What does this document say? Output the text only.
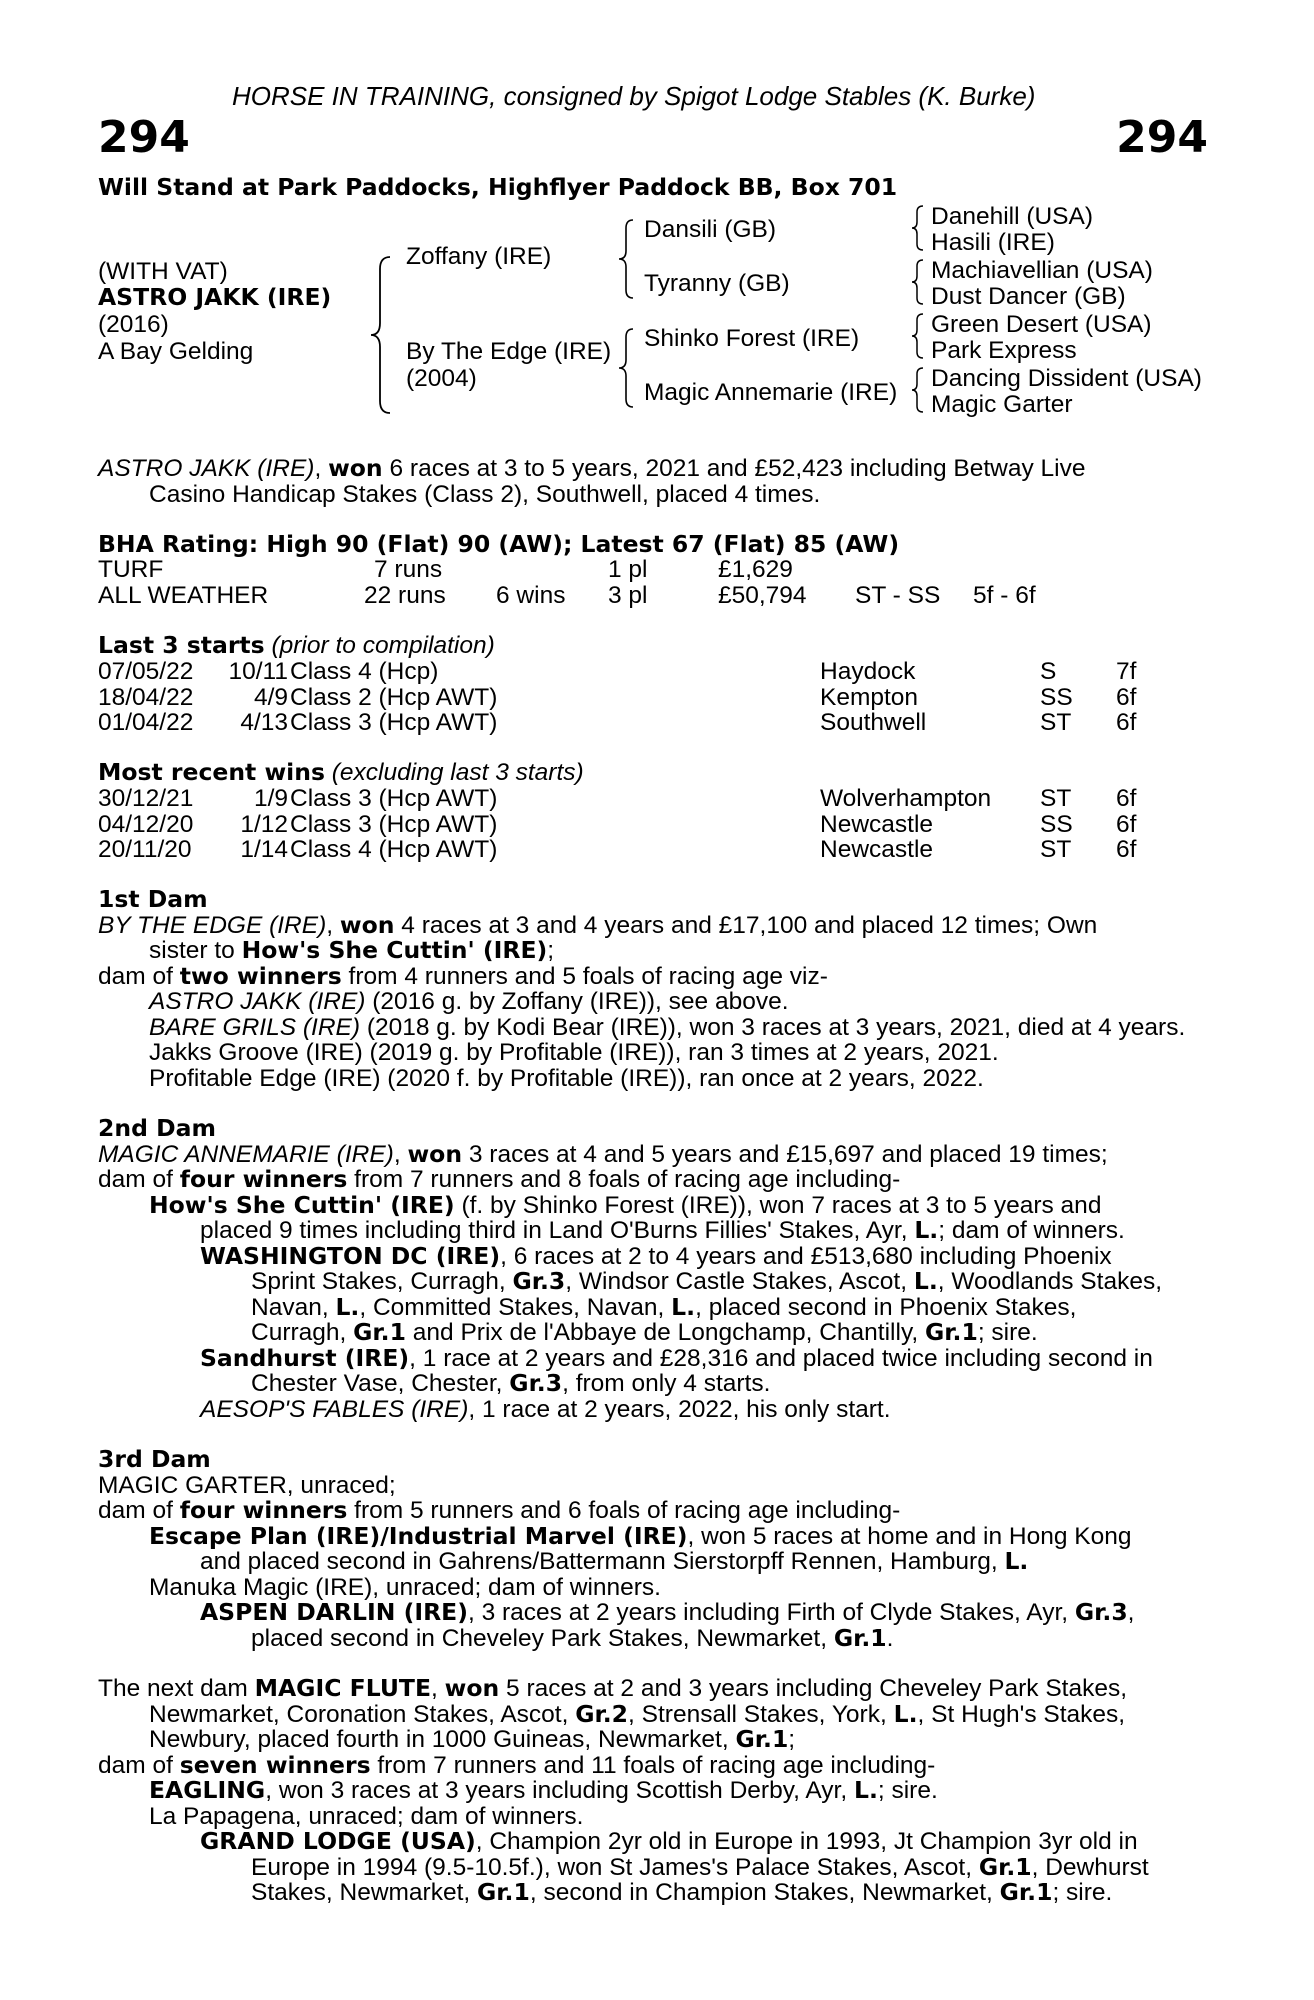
HORSE IN TRAINING, consigned by Spigot Lodge Stables (K. Burke)
294	294
Will Stand at Park Paddocks, Highflyer Paddock BB, Box 701
(WITH VAT)
ASTRO JAKK (IRE)
(2016)
A Bay Gelding
Zoffany (IRE)
By The Edge (IRE)
(2004)
Dansili (GB)
Tyranny (GB)
Shinko Forest (IRE)
Magic Annemarie (IRE)
Danehill (USA)
Hasili (IRE)
Machiavellian (USA)
Dust Dancer (GB)
Green Desert (USA)
Park Express
Dancing Dissident (USA)
Magic Garter
ASTRO JAKK (IRE), won 6 races at 3 to 5 years, 2021 and £52,423 including Betway Live
Casino Handicap Stakes (Class 2), Southwell, placed 4 times.
BHA Rating: High 90 (Flat) 90 (AW); Latest 67 (Flat) 85 (AW)
TURF	7 runs	1 pl	£1,629
ALL WEATHER	22 runs 6 wins 3 pl	£50,794 ST - SS 5f - 6f
Last 3 starts (prior to compilation)
07/05/22 10/11 Class 4 (Hcp)	Haydock	S 7f
18/04/22	4/9 Class 2 (Hcp AWT)	Kempton	SS 6f
01/04/22	4/13 Class 3 (Hcp AWT)	Southwell	ST 6f
Most recent wins (excluding last 3 starts)
30/12/21	1/9 Class 3 (Hcp AWT)	Wolverhampton ST 6f
04/12/20	1/12 Class 3 (Hcp AWT)	Newcastle	SS 6f
20/11/20	1/14 Class 4 (Hcp AWT)	Newcastle	ST 6f
1st Dam
BY THE EDGE (IRE), won 4 races at 3 and 4 years and £17,100 and placed 12 times; Own
sister to How's She Cuttin' (IRE);
dam of two winners from 4 runners and 5 foals of racing age viz-
ASTRO JAKK (IRE) (2016 g. by Zoffany (IRE)), see above.
BARE GRILS (IRE) (2018 g. by Kodi Bear (IRE)), won 3 races at 3 years, 2021, died at 4 years.
Jakks Groove (IRE) (2019 g. by Profitable (IRE)), ran 3 times at 2 years, 2021.
Profitable Edge (IRE) (2020 f. by Profitable (IRE)), ran once at 2 years, 2022.
2nd Dam
MAGIC ANNEMARIE (IRE), won 3 races at 4 and 5 years and £15,697 and placed 19 times;
dam of four winners from 7 runners and 8 foals of racing age including-
How's She Cuttin' (IRE) (f. by Shinko Forest (IRE)), won 7 races at 3 to 5 years and
placed 9 times including third in Land O'Burns Fillies' Stakes, Ayr, L.; dam of winners.
WASHINGTON DC (IRE), 6 races at 2 to 4 years and £513,680 including Phoenix
Sprint Stakes, Curragh, Gr.3, Windsor Castle Stakes, Ascot, L., Woodlands Stakes,
Navan, L., Committed Stakes, Navan, L., placed second in Phoenix Stakes,
Curragh, Gr.1 and Prix de l'Abbaye de Longchamp, Chantilly, Gr.1; sire.
Sandhurst (IRE), 1 race at 2 years and £28,316 and placed twice including second in
Chester Vase, Chester, Gr.3, from only 4 starts.
AESOP'S FABLES (IRE), 1 race at 2 years, 2022, his only start.
3rd Dam
MAGIC GARTER, unraced;
dam of four winners from 5 runners and 6 foals of racing age including-
Escape Plan (IRE)/Industrial Marvel (IRE), won 5 races at home and in Hong Kong
and placed second in Gahrens/Battermann Sierstorpff Rennen, Hamburg, L.
Manuka Magic (IRE), unraced; dam of winners.
ASPEN DARLIN (IRE), 3 races at 2 years including Firth of Clyde Stakes, Ayr, Gr.3,
placed second in Cheveley Park Stakes, Newmarket, Gr.1.
The next dam MAGIC FLUTE, won 5 races at 2 and 3 years including Cheveley Park Stakes,
Newmarket, Coronation Stakes, Ascot, Gr.2, Strensall Stakes, York, L., St Hugh's Stakes,
Newbury, placed fourth in 1000 Guineas, Newmarket, Gr.1;
dam of seven winners from 7 runners and 11 foals of racing age including-
EAGLING, won 3 races at 3 years including Scottish Derby, Ayr, L.; sire.
La Papagena, unraced; dam of winners.
GRAND LODGE (USA), Champion 2yr old in Europe in 1993, Jt Champion 3yr old in
Europe in 1994 (9.5-10.5f.), won St James's Palace Stakes, Ascot, Gr.1, Dewhurst
Stakes, Newmarket, Gr.1, second in Champion Stakes, Newmarket, Gr.1; sire.
